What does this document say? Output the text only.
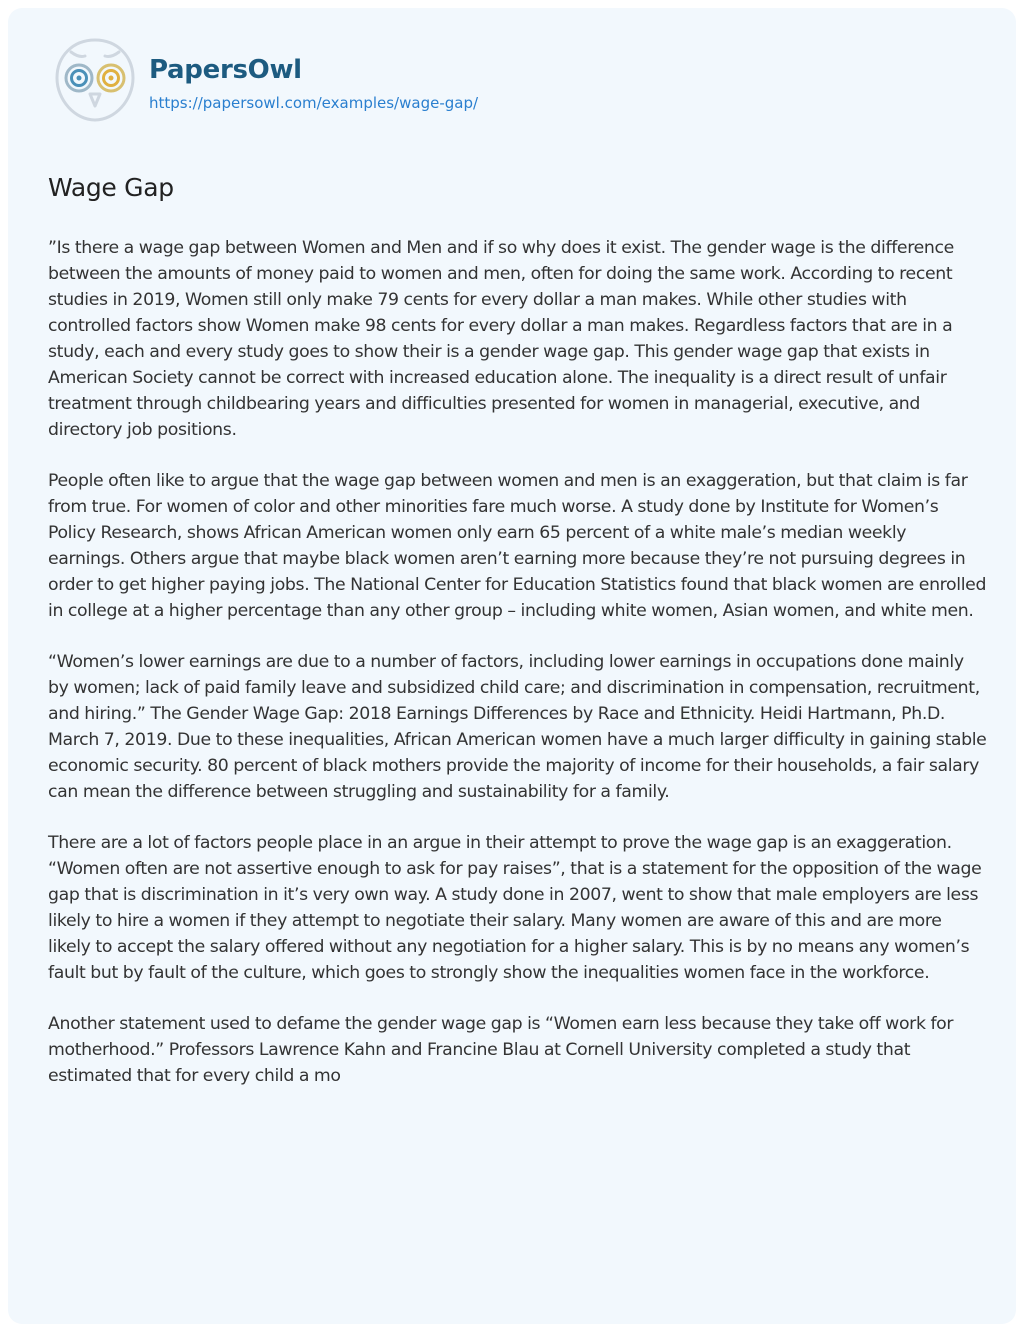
PapersOwl
https://papersowl.com/examples/wage-gap/
Wage Gap

”Is there a wage gap between Women and Men and if so why does it exist. The gender wage is the difference between the amounts of money paid to women and men, often for doing the same work. According to recent studies in 2019, Women still only make 79 cents for every dollar a man makes. While other studies with controlled factors show Women make 98 cents for every dollar a man makes. Regardless factors that are in a study, each and every study goes to show their is a gender wage gap. This gender wage gap that exists in American Society cannot be correct with increased education alone. The inequality is a direct result of unfair treatment through childbearing years and difficulties presented for women in managerial, executive, and directory job positions.

People often like to argue that the wage gap between women and men is an exaggeration, but that claim is far from true. For women of color and other minorities fare much worse. A study done by Institute for Women’s Policy Research, shows African American women only earn 65 percent of a white male’s median weekly earnings. Others argue that maybe black women aren’t earning more because they’re not pursuing degrees in order to get higher paying jobs. The National Center for Education Statistics found that black women are enrolled in college at a higher percentage than any other group – including white women, Asian women, and white men.

“Women’s lower earnings are due to a number of factors, including lower earnings in occupations done mainly by women; lack of paid family leave and subsidized child care; and discrimination in compensation, recruitment, and hiring.” The Gender Wage Gap: 2018 Earnings Differences by Race and Ethnicity. Heidi Hartmann, Ph.D. March 7, 2019. Due to these inequalities, African American women have a much larger difficulty in gaining stable economic security. 80 percent of black mothers provide the majority of income for their households, a fair salary can mean the difference between struggling and sustainability for a family.

There are a lot of factors people place in an argue in their attempt to prove the wage gap is an exaggeration. “Women often are not assertive enough to ask for pay raises”, that is a statement for the opposition of the wage gap that is discrimination in it’s very own way. A study done in 2007, went to show that male employers are less likely to hire a women if they attempt to negotiate their salary. Many women are aware of this and are more likely to accept the salary offered without any negotiation for a higher salary. This is by no means any women’s fault but by fault of the culture, which goes to strongly show the inequalities women face in the workforce.

Another statement used to defame the gender wage gap is “Women earn less because they take off work for motherhood.” Professors Lawrence Kahn and Francine Blau at Cornell University completed a study that estimated that for every child a mo
